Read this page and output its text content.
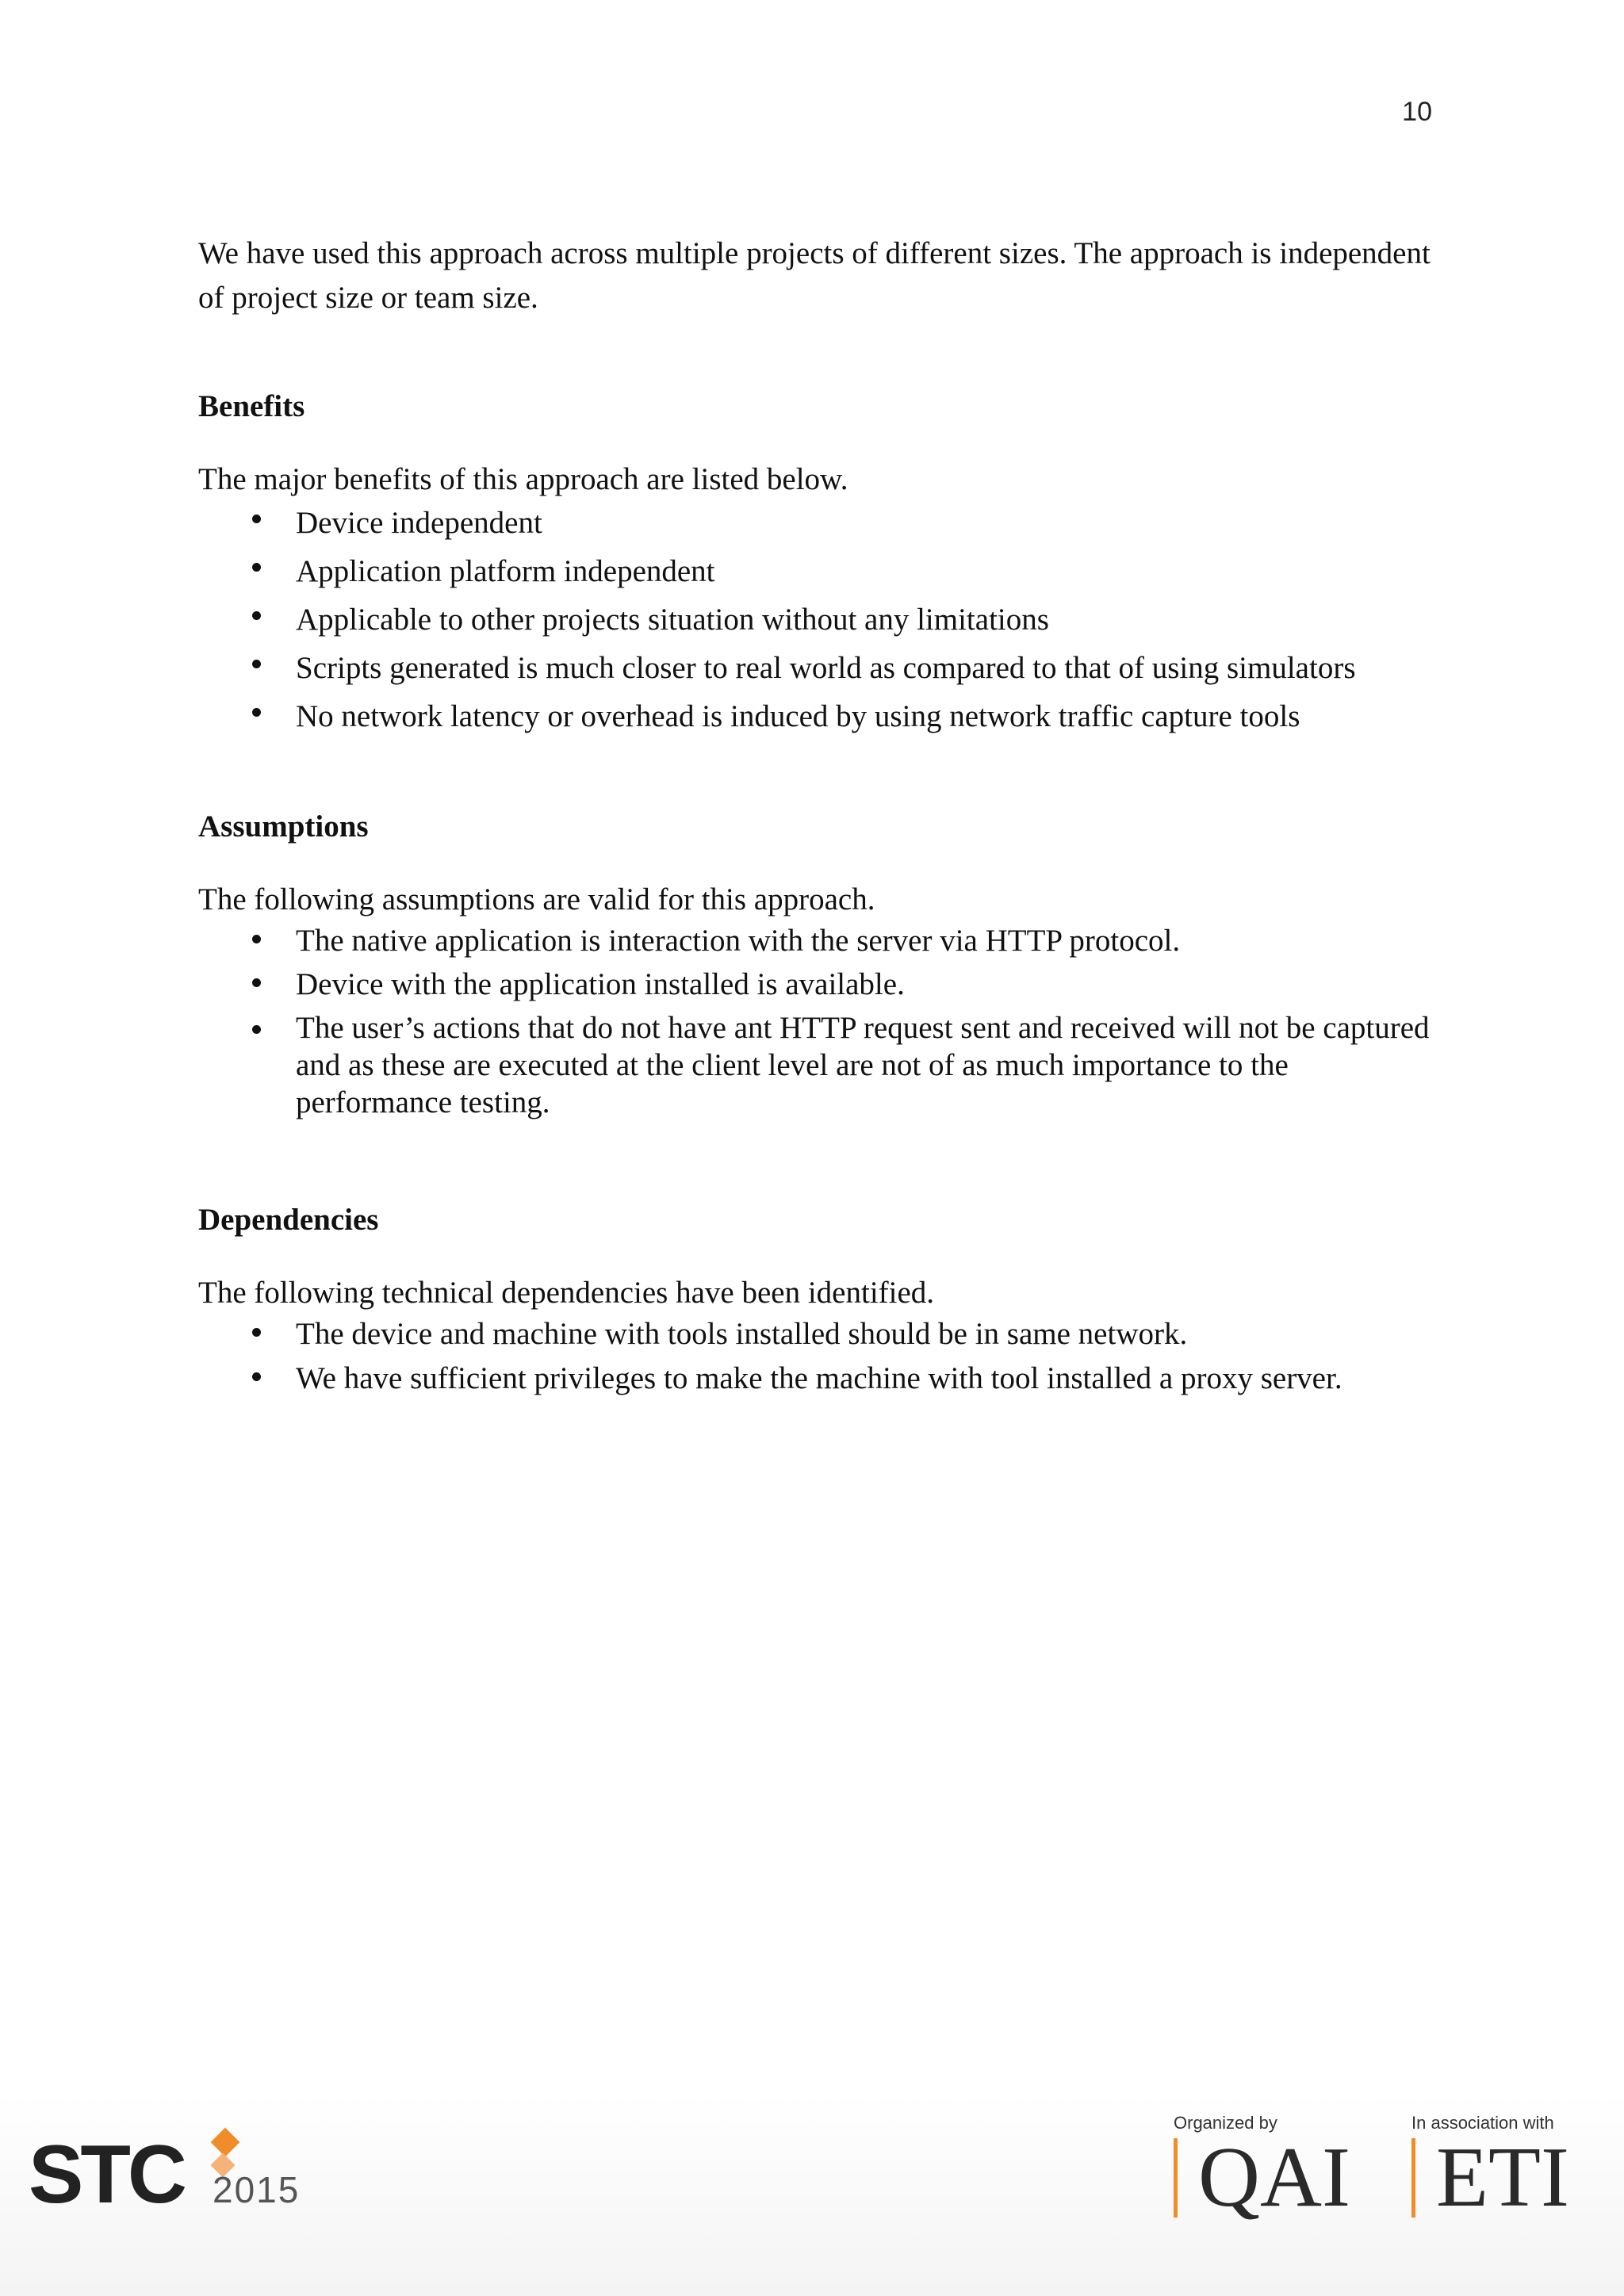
10

We have used this approach across multiple projects of different sizes. The approach is independent of project size or team size.

Benefits

The major benefits of this approach are listed below.

Device independent
Application platform independent
Applicable to other projects situation without any limitations
Scripts generated is much closer to real world as compared to that of using simulators
No network latency or overhead is induced by using network traffic capture tools
Assumptions

The following assumptions are valid for this approach.

The native application is interaction with the server via HTTP protocol.
Device with the application installed is available.
The user’s actions that do not have ant HTTP request sent and received will not be captured and as these are executed at the client level are not of as much importance to the performance testing.
Dependencies

The following technical dependencies have been identified.

The device and machine with tools installed should be in same network.
We have sufficient privileges to make the machine with tool installed a proxy server.
STC 2015
Organized by
QAI
In association with
ETI
